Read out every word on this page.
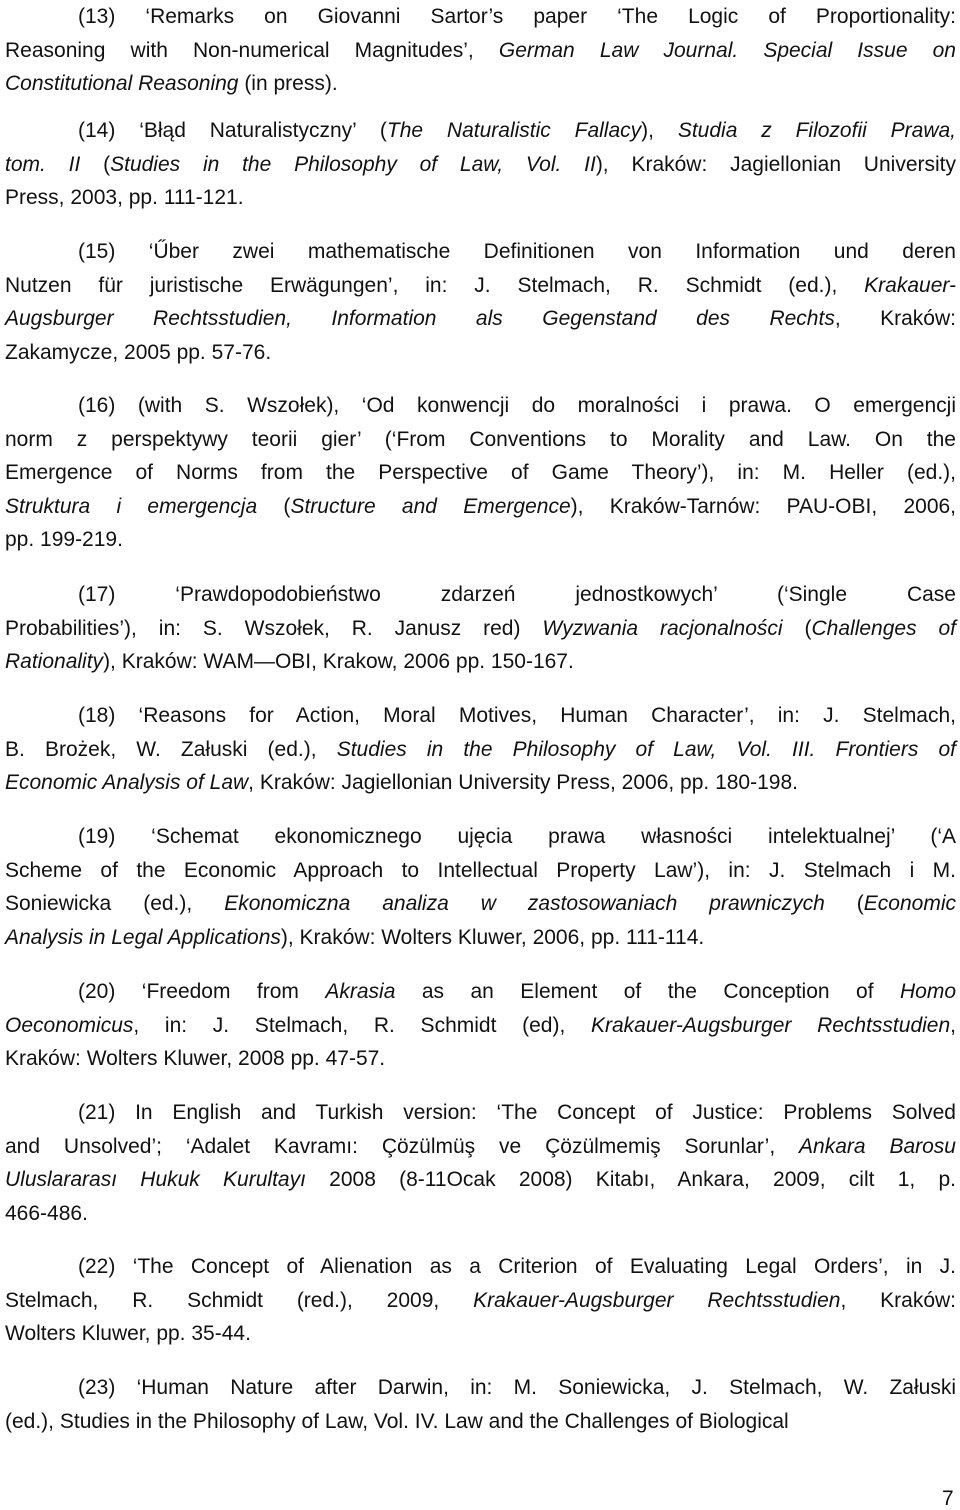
(13) ‘Remarks on Giovanni Sartor’s paper ‘The Logic of Proportionality:
Reasoning with Non-numerical Magnitudes’, German Law Journal. Special Issue on
Constitutional Reasoning (in press).
(14) ‘Błąd Naturalistyczny’ (The Naturalistic Fallacy), Studia z Filozofii Prawa,
tom. II (Studies in the Philosophy of Law, Vol. II), Kraków: Jagiellonian University
Press, 2003, pp. 111-121.
(15) ‘Űber zwei mathematische Definitionen von Information und deren
Nutzen für juristische Erwägungen’, in: J. Stelmach, R. Schmidt (ed.), Krakauer-
Augsburger Rechtsstudien, Information als Gegenstand des Rechts, Kraków:
Zakamycze, 2005 pp. 57-76.
(16) (with S. Wszołek), ‘Od konwencji do moralności i prawa. O emergencji
norm z perspektywy teorii gier’ (‘From Conventions to Morality and Law. On the
Emergence of Norms from the Perspective of Game Theory’), in: M. Heller (ed.),
Struktura i emergencja (Structure and Emergence), Kraków-Tarnów: PAU-OBI, 2006,
pp. 199-219.
(17) ‘Prawdopodobieństwo zdarzeń jednostkowych’ (‘Single Case
Probabilities’), in: S. Wszołek, R. Janusz red) Wyzwania racjonalności (Challenges of
Rationality), Kraków: WAM—OBI, Krakow, 2006 pp. 150-167.
(18) ‘Reasons for Action, Moral Motives, Human Character’, in: J. Stelmach,
B. Brożek, W. Załuski (ed.), Studies in the Philosophy of Law, Vol. III. Frontiers of
Economic Analysis of Law, Kraków: Jagiellonian University Press, 2006, pp. 180-198.
(19) ‘Schemat ekonomicznego ujęcia prawa własności intelektualnej’ (‘A
Scheme of the Economic Approach to Intellectual Property Law’), in: J. Stelmach i M.
Soniewicka (ed.), Ekonomiczna analiza w zastosowaniach prawniczych (Economic
Analysis in Legal Applications), Kraków: Wolters Kluwer, 2006, pp. 111-114.
(20) ‘Freedom from Akrasia as an Element of the Conception of Homo
Oeconomicus, in: J. Stelmach, R. Schmidt (ed), Krakauer-Augsburger Rechtsstudien,
Kraków: Wolters Kluwer, 2008 pp. 47-57.
(21) In English and Turkish version: ‘The Concept of Justice: Problems Solved
and Unsolved’; ‘Adalet Kavramı: Çözülmüş ve Çözülmemiş Sorunlar’, Ankara Barosu
Uluslararası Hukuk Kurultayı 2008 (8-11Ocak 2008) Kitabı, Ankara, 2009, cilt 1, p.
466-486.
(22) ‘The Concept of Alienation as a Criterion of Evaluating Legal Orders’, in J.
Stelmach, R. Schmidt (red.), 2009, Krakauer-Augsburger Rechtsstudien, Kraków:
Wolters Kluwer, pp. 35-44.
(23) ‘Human Nature after Darwin, in: M. Soniewicka, J. Stelmach, W. Załuski
(ed.), Studies in the Philosophy of Law, Vol. IV. Law and the Challenges of Biological
7
